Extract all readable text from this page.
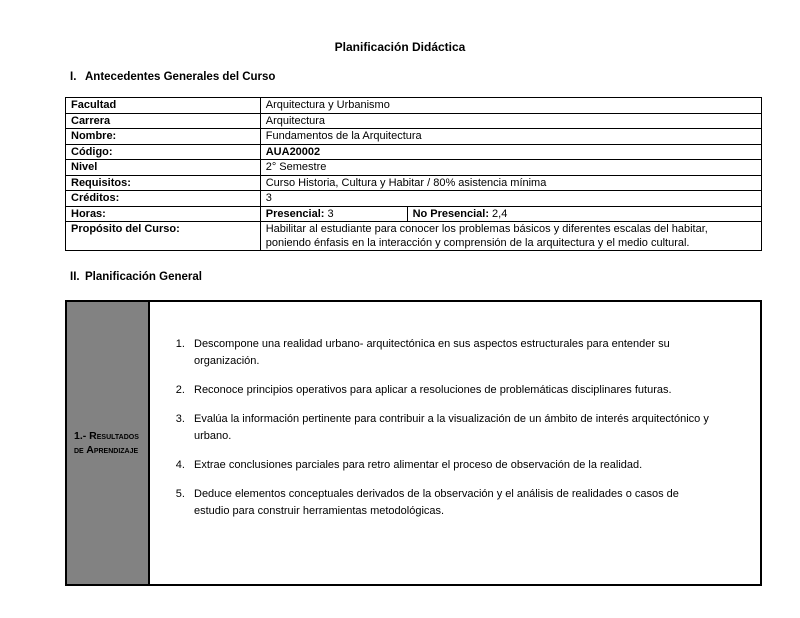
Planificación Didáctica
I. Antecedentes Generales del Curso
Facultad	Arquitectura y Urbanismo	
Carrera	Arquitectura	
Nombre:	Fundamentos de la Arquitectura	
Código:	AUA20002	
Nivel	2° Semestre	
Requisitos:	Curso Historia, Cultura y Habitar / 80% asistencia mínima	
Créditos:	3	
Horas:	Presencial: 3	No Presencial: 2,4
Propósito del Curso:	Habilitar al estudiante para conocer los problemas básicos y diferentes escalas del habitar, poniendo énfasis en la interacción y comprensión de la arquitectura y el medio cultural.	
II. Planificación General
1.- Resultados de Aprendizaje
1. Descompone una realidad urbano- arquitectónica en sus aspectos estructurales para entender su organización.
2. Reconoce principios operativos para aplicar a resoluciones de problemáticas disciplinares futuras.
3. Evalúa la información pertinente para contribuir a la visualización de un ámbito de interés arquitectónico y urbano.
4. Extrae conclusiones parciales para retro alimentar el proceso de observación de la realidad.
5. Deduce elementos conceptuales derivados de la observación y el análisis de realidades o casos de estudio para construir herramientas metodológicas.
